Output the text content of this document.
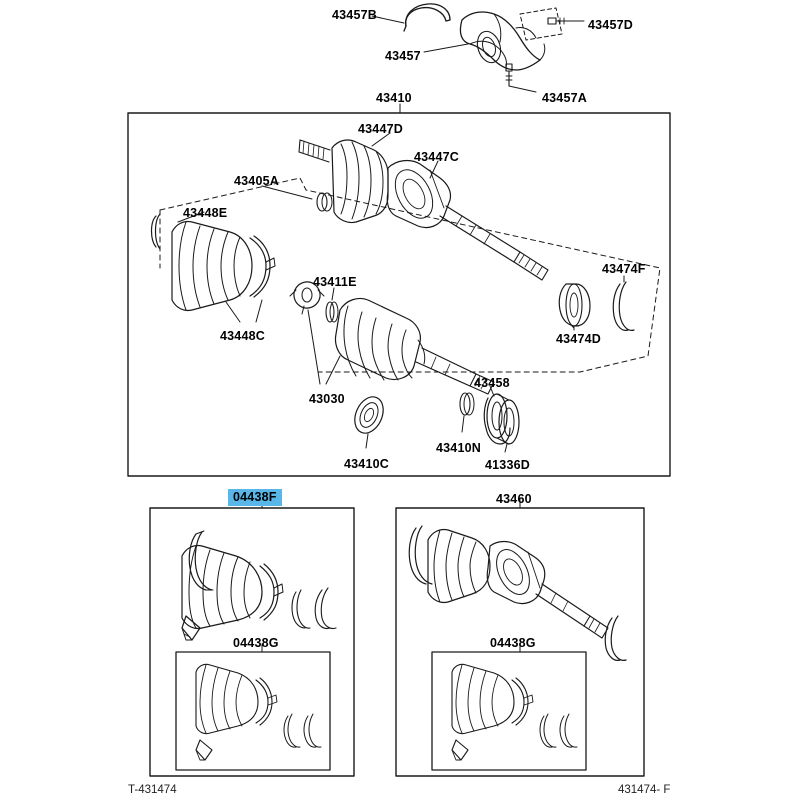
43457B
43457D
43457
43457A
43410
43447D
43447C
43405A
43448E
43474F
43411E
43448C	43474D
43030
43458
43410N
43410C	41336D
04438F	43460
04438G	04438G
T-431474	431474- F
